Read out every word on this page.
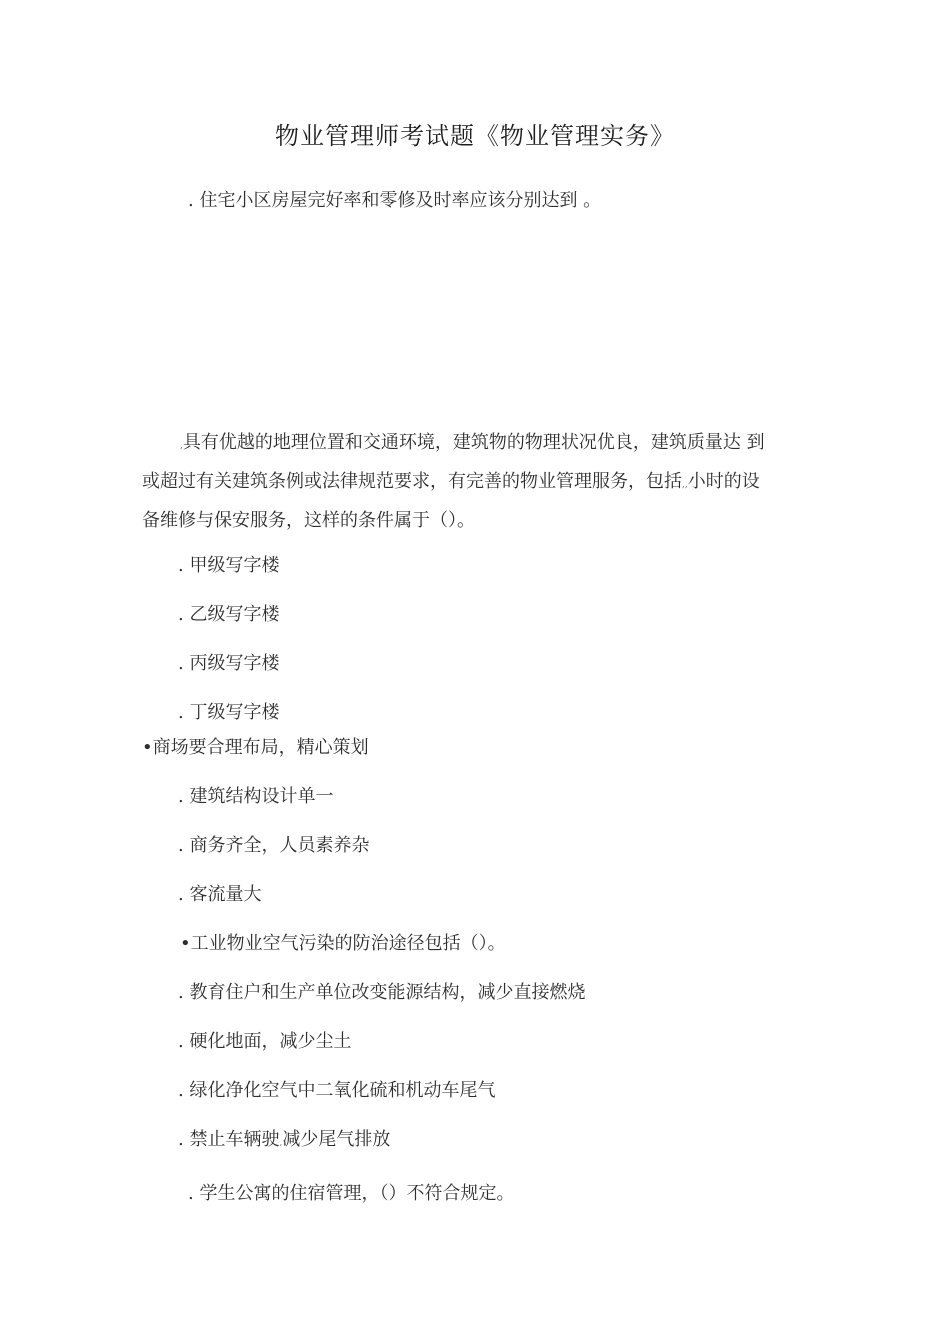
物业管理师考试题《物业管理实务》
. 住宅小区房屋完好率和零修及时率应该分别达到 。

,具有优越的地理位置和交通环境，建筑物的物理状况优良，建筑质量达 到

或超过有关建筑条例或法律规范要求，有完善的物业管理服务，包括,,小时的设

备维修与保安服务，这样的条件属于（）。

. 甲级写字楼
. 乙级写字楼
. 丙级写字楼
. 丁级写字楼
•商场要合理布局，精心策划
. 建筑结构设计单一
. 商务齐全，人员素养杂
. 客流量大
•工业物业空气污染的防治途径包括（）。
. 教育住户和生产单位改变能源结构，减少直接燃烧
. 硬化地面，减少尘土
. 绿化净化空气中二氧化硫和机动车尾气
. 禁止车辆驶,减少尾气排放
. 学生公寓的住宿管理，（）不符合规定。
